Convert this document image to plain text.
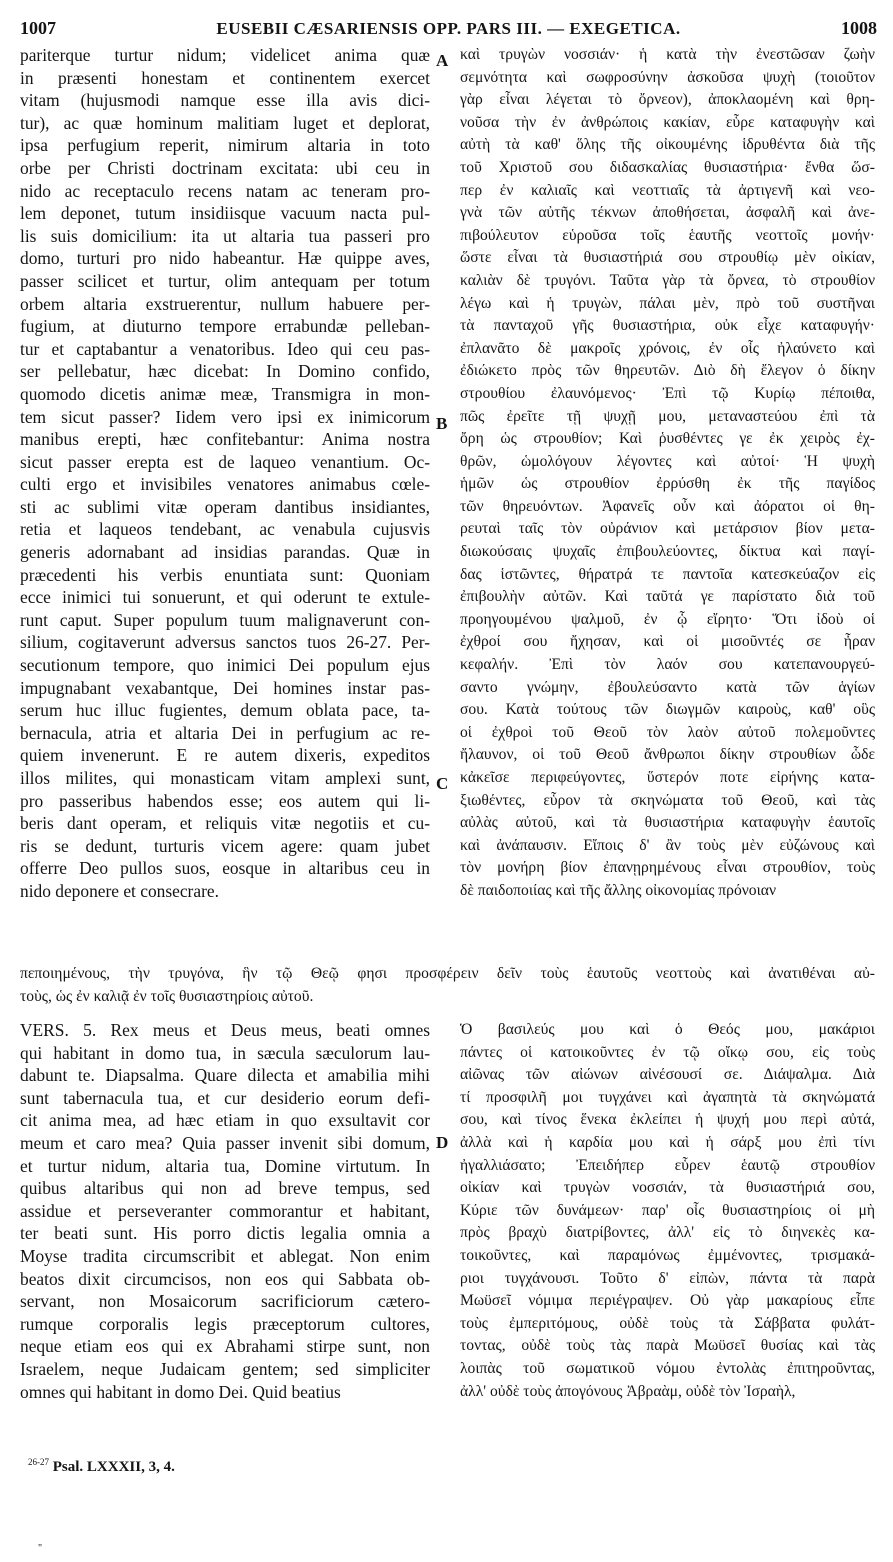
1007	EUSEBII CÆSARIENSIS OPP. PARS III. — EXEGETICA.	1008
pariterque turtur nidum; videlicet anima quæ
in præsenti honestam et continentem exercet
vitam (hujusmodi namque esse illa avis dici-
tur), ac quæ hominum malitiam luget et deplorat,
ipsa perfugium reperit, nimirum altaria in toto
orbe per Christi doctrinam excitata: ubi ceu in
nido ac receptaculo recens natam ac teneram pro-
lem deponet, tutum insidiisque vacuum nacta pul-
lis suis domicilium: ita ut altaria tua passeri pro
domo, turturi pro nido habeantur. Hæ quippe aves,
passer scilicet et turtur, olim antequam per totum
orbem altaria exstruerentur, nullum habuere per-
fugium, at diuturno tempore errabundæ pelleban-
tur et captabantur a venatoribus. Ideo qui ceu pas-
ser pellebatur, hæc dicebat: In Domino confido,
quomodo dicetis animæ meæ, Transmigra in mon-
tem sicut passer? Iidem vero ipsi ex inimicorum
manibus erepti, hæc confitebantur: Anima nostra
sicut passer erepta est de laqueo venantium. Oc-
culti ergo et invisibiles venatores animabus cœle-
sti ac sublimi vitæ operam dantibus insidiantes,
retia et laqueos tendebant, ac venabula cujusvis
generis adornabant ad insidias parandas. Quæ in
præcedenti his verbis enuntiata sunt: Quoniam
ecce inimici tui sonuerunt, et qui oderunt te extule-
runt caput. Super populum tuum malignaverunt con-
silium, cogitaverunt adversus sanctos tuos 26-27. Per-
secutionum tempore, quo inimici Dei populum ejus
impugnabant vexabantque, Dei homines instar pas-
serum huc illuc fugientes, demum oblata pace, ta-
bernacula, atria et altaria Dei in perfugium ac re-
quiem invenerunt. E re autem dixeris, expeditos
illos milites, qui monasticam vitam amplexi sunt,
pro passeribus habendos esse; eos autem qui li-
beris dant operam, et reliquis vitæ negotiis et cu-
ris se dedunt, turturis vicem agere: quam jubet
offerre Deo pullos suos, eosque in altaribus ceu in
nido deponere et consecrare.
καὶ τρυγὼν νοσσιάν· ἡ κατὰ τὴν ἐνεστῶσαν ζωὴν
σεμνότητα καὶ σωφροσύνην ἀσκοῦσα ψυχὴ (τοιοῦτον
γὰρ εἶναι λέγεται τὸ ὄρνεον), ἀποκλαομένη καὶ θρη-
νοῦσα τὴν ἐν ἀνθρώποις κακίαν, εὗρε καταφυγὴν καὶ
αὐτὴ τὰ καθ' ὅλης τῆς οἰκουμένης ἱδρυθέντα διὰ τῆς
τοῦ Χριστοῦ σου διδασκαλίας θυσιαστήρια· ἔνθα ὥσ-
περ ἐν καλιαῖς καὶ νεοττιαῖς τὰ ἀρτιγενῆ καὶ νεο-
γνὰ τῶν αὐτῆς τέκνων ἀποθήσεται, ἀσφαλῆ καὶ ἀνε-
πιβούλευτον εὑροῦσα τοῖς ἑαυτῆς νεοττοῖς μονήν·
ὥστε εἶναι τὰ θυσιαστήριά σου στρουθίῳ μὲν οἰκίαν,
καλιὰν δὲ τρυγόνι. Ταῦτα γὰρ τὰ ὄρνεα, τὸ στρουθίον
λέγω καὶ ἡ τρυγὼν, πάλαι μὲν, πρὸ τοῦ συστῆναι
τὰ πανταχοῦ γῆς θυσιαστήρια, οὐκ εἶχε καταφυγήν·
ἐπλανᾶτο δὲ μακροῖς χρόνοις, ἐν οἷς ἠλαύνετο καὶ
ἐδιώκετο πρὸς τῶν θηρευτῶν. Διὸ δὴ ἔλεγον ὁ δίκην
στρουθίου ἐλαυνόμενος· Ἐπὶ τῷ Κυρίῳ πέποιθα,
πῶς ἐρεῖτε τῇ ψυχῇ μου, μεταναστεύου ἐπὶ τὰ
ὄρη ὡς στρουθίον; Καὶ ῥυσθέντες γε ἐκ χειρὸς ἐχ-
θρῶν, ὡμολόγουν λέγοντες καὶ αὐτοί· Ἡ ψυχὴ
ἡμῶν ὡς στρουθίον ἐρρύσθη ἐκ τῆς παγίδος
τῶν θηρευόντων. Ἀφανεῖς οὖν καὶ ἀόρατοι οἱ θη-
ρευταὶ ταῖς τὸν οὐράνιον καὶ μετάρσιον βίον μετα-
διωκούσαις ψυχαῖς ἐπιβουλεύοντες, δίκτυα καὶ παγί-
δας ἱστῶντες, θήρατρά τε παντοῖα κατεσκεύαζον εἰς
ἐπιβουλὴν αὐτῶν. Καὶ ταῦτά γε παρίστατο διὰ τοῦ
προηγουμένου ψαλμοῦ, ἐν ᾧ εἴρητο· Ὅτι ἰδοὺ οἱ
ἐχθροί σου ἤχησαν, καὶ οἱ μισοῦντές σε ἦραν
κεφαλήν. Ἐπὶ τὸν λαόν σου κατεπανουργεύ-
σαντο γνώμην, ἐβουλεύσαντο κατὰ τῶν ἁγίων
σου. Κατὰ τούτους τῶν διωγμῶν καιροὺς, καθ' οὓς
οἱ ἐχθροὶ τοῦ Θεοῦ τὸν λαὸν αὐτοῦ πολεμοῦντες
ἤλαυνον, οἱ τοῦ Θεοῦ ἄνθρωποι δίκην στρουθίων ὧδε
κἀκεῖσε περιφεύγοντες, ὕστερόν ποτε εἰρήνης κατα-
ξιωθέντες, εὗρον τὰ σκηνώματα τοῦ Θεοῦ, καὶ τὰς
αὐλὰς αὐτοῦ, καὶ τὰ θυσιαστήρια καταφυγὴν ἑαυτοῖς
καὶ ἀνάπαυσιν. Εἴποις δ' ἂν τοὺς μὲν εὐζώνους καὶ
τὸν μονήρη βίον ἐπανῃρημένους εἶναι στρουθίον, τοὺς
δὲ παιδοποιίας καὶ τῆς ἄλλης οἰκονομίας πρόνοιαν
A
B
C
D
πεποιημένους, τὴν τρυγόνα, ἣν τῷ Θεῷ φησι προσφέρειν δεῖν τοὺς ἑαυτοῦς νεοττοὺς καὶ ἀνατιθέναι αὐ-
τοὺς, ὡς ἐν καλιᾷ ἐν τοῖς θυσιαστηρίοις αὐτοῦ.
VERS. 5. Rex meus et Deus meus, beati omnes
qui habitant in domo tua, in sæcula sæculorum lau-
dabunt te. Diapsalma. Quare dilecta et amabilia mihi
sunt tabernacula tua, et cur desiderio eorum defi-
cit anima mea, ad hæc etiam in quo exsultavit cor
meum et caro mea? Quia passer invenit sibi domum,
et turtur nidum, altaria tua, Domine virtutum. In
quibus altaribus qui non ad breve tempus, sed
assidue et perseveranter commorantur et habitant,
ter beati sunt. His porro dictis legalia omnia a
Moyse tradita circumscribit et ablegat. Non enim
beatos dixit circumcisos, non eos qui Sabbata ob-
servant, non Mosaicorum sacrificiorum cætero-
rumque corporalis legis præceptorum cultores,
neque etiam eos qui ex Abrahami stirpe sunt, non
Israelem, neque Judaicam gentem; sed simpliciter
omnes qui habitant in domo Dei. Quid beatius
Ὁ βασιλεύς μου καὶ ὁ Θεός μου, μακάριοι
πάντες οἱ κατοικοῦντες ἐν τῷ οἴκῳ σου, εἰς τοὺς
αἰῶνας τῶν αἰώνων αἰνέσουσί σε. Διάψαλμα. Διὰ
τί προσφιλῆ μοι τυγχάνει καὶ ἀγαπητὰ τὰ σκηνώματά
σου, καὶ τίνος ἕνεκα ἐκλείπει ἡ ψυχή μου περὶ αὐτά,
ἀλλὰ καὶ ἡ καρδία μου καὶ ἡ σάρξ μου ἐπὶ τίνι
ἠγαλλιάσατο; Ἐπειδήπερ εὗρεν ἑαυτῷ στρουθίον
οἰκίαν καὶ τρυγὼν νοσσιάν, τὰ θυσιαστήριά σου,
Κύριε τῶν δυνάμεων· παρ' οἷς θυσιαστηρίοις οἱ μὴ
πρὸς βραχὺ διατρίβοντες, ἀλλ' εἰς τὸ διηνεκὲς κα-
τοικοῦντες, καὶ παραμόνως ἐμμένοντες, τρισμακά-
ριοι τυγχάνουσι. Τοῦτο δ' εἰπὼν, πάντα τὰ παρὰ
Μωϋσεῖ νόμιμα περιέγραψεν. Οὐ γὰρ μακαρίους εἶπε
τοὺς ἐμπεριτόμους, οὐδὲ τοὺς τὰ Σάββατα φυλάτ-
τοντας, οὐδὲ τοὺς τὰς παρὰ Μωϋσεῖ θυσίας καὶ τὰς
λοιπὰς τοῦ σωματικοῦ νόμου ἐντολὰς ἐπιτηροῦντας,
ἀλλ' οὐδὲ τοὺς ἀπογόνους Ἀβραὰμ, οὐδὲ τὸν Ἰσραὴλ,
$^{26-27}$ Psal. LXXXII, 3, 4.
"
